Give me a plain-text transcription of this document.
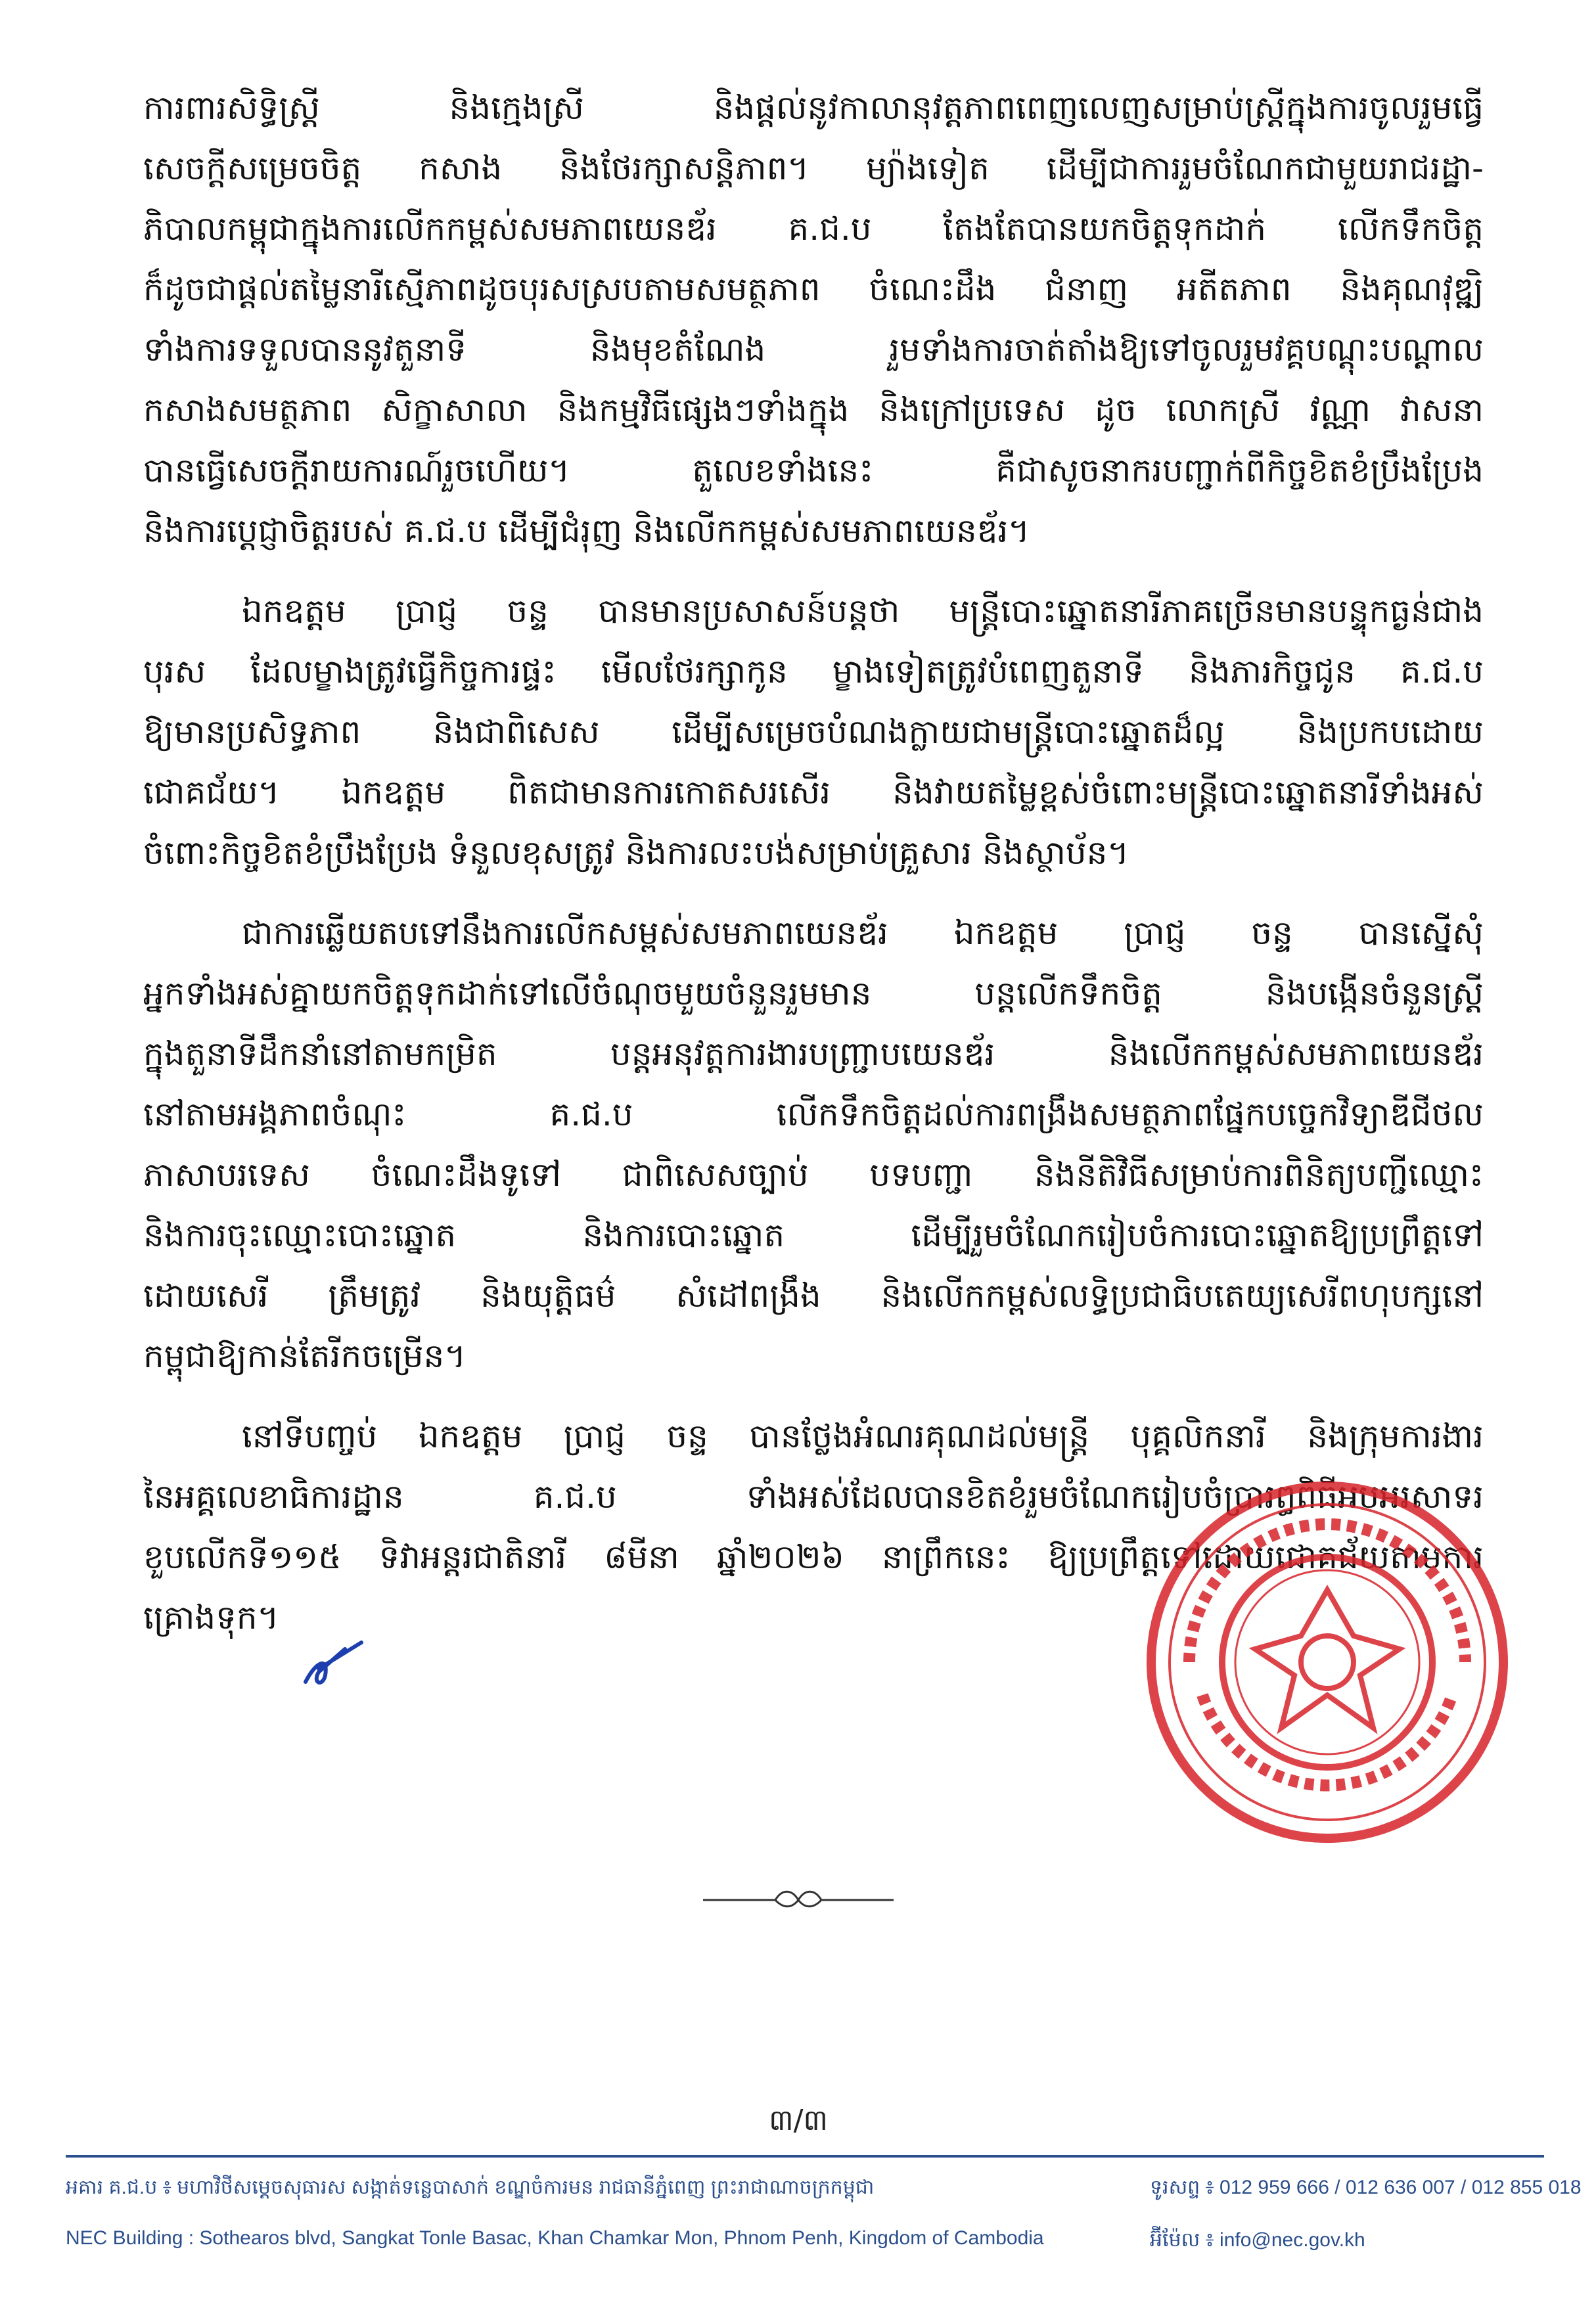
ការពារសិទ្ធិស្ត្រី និងក្មេងស្រី និងផ្តល់នូវកាលានុវត្តភាពពេញលេញសម្រាប់ស្ត្រីក្នុងការចូលរួមធ្វើ
សេចក្តីសម្រេចចិត្ត កសាង និងថែរក្សាសន្តិភាព។ ម្យ៉ាងទៀត ដើម្បីជាការរួមចំណែកជាមួយរាជរដ្ឋា-
ភិបាលកម្ពុជាក្នុងការលើកកម្ពស់សមភាពយេនឌ័រ គ.ជ.ប តែងតែបានយកចិត្តទុកដាក់ លើកទឹកចិត្ត
ក៏ដូចជាផ្តល់តម្លៃនារីស្មើភាពដូចបុរសស្របតាមសមត្ថភាព ចំណេះដឹង ជំនាញ អតីតភាព និងគុណវុឌ្ឍិ
ទាំងការទទួលបាននូវតួនាទី និងមុខតំណែង រួមទាំងការចាត់តាំងឱ្យទៅចូលរួមវគ្គបណ្តុះបណ្តាល
កសាងសមត្ថភាព សិក្ខាសាលា និងកម្មវិធីផ្សេងៗទាំងក្នុង និងក្រៅប្រទេស ដូច លោកស្រី វណ្ណា វាសនា
បានធ្វើសេចក្តីរាយការណ៍រួចហើយ។ តួលេខទាំងនេះ គឺជាសូចនាករបញ្ជាក់ពីកិច្ចខិតខំប្រឹងប្រែង
និងការប្តេជ្ញាចិត្តរបស់ គ.ជ.ប ដើម្បីជំរុញ និងលើកកម្ពស់សមភាពយេនឌ័រ។
ឯកឧត្តម ប្រាជ្ញ ចន្ទ បានមានប្រសាសន៍បន្តថា មន្ត្រីបោះឆ្នោតនារីភាគច្រើនមានបន្ទុកធ្ងន់ជាង
បុរស ដែលម្ខាងត្រូវធ្វើកិច្ចការផ្ទះ មើលថែរក្សាកូន ម្ខាងទៀតត្រូវបំពេញតួនាទី និងភារកិច្ចជូន គ.ជ.ប
ឱ្យមានប្រសិទ្ធភាព និងជាពិសេស ដើម្បីសម្រេចបំណងក្លាយជាមន្ត្រីបោះឆ្នោតដ៏ល្អ និងប្រកបដោយ
ជោគជ័យ។ ឯកឧត្តម ពិតជាមានការកោតសរសើរ និងវាយតម្លៃខ្ពស់ចំពោះមន្ត្រីបោះឆ្នោតនារីទាំងអស់
ចំពោះកិច្ចខិតខំប្រឹងប្រែង ទំនួលខុសត្រូវ និងការលះបង់សម្រាប់គ្រួសារ និងស្ថាប័ន។
ជាការឆ្លើយតបទៅនឹងការលើកសម្ពស់សមភាពយេនឌ័រ ឯកឧត្តម ប្រាជ្ញ ចន្ទ បានស្នើសុំ
អ្នកទាំងអស់គ្នាយកចិត្តទុកដាក់ទៅលើចំណុចមួយចំនួនរួមមាន បន្តលើកទឹកចិត្ត និងបង្កើនចំនួនស្ត្រី
ក្នុងតួនាទីដឹកនាំនៅតាមកម្រិត បន្តអនុវត្តការងារបញ្ជ្រាបយេនឌ័រ និងលើកកម្ពស់សមភាពយេនឌ័រ
នៅតាមអង្គភាពចំណុះ គ.ជ.ប លើកទឹកចិត្តដល់ការពង្រឹងសមត្ថភាពផ្នែកបច្ចេកវិទ្យាឌីជីថល
ភាសាបរទេស ចំណេះដឹងទូទៅ ជាពិសេសច្បាប់ បទបញ្ជា និងនីតិវិធីសម្រាប់ការពិនិត្យបញ្ជីឈ្មោះ
និងការចុះឈ្មោះបោះឆ្នោត និងការបោះឆ្នោត ដើម្បីរួមចំណែករៀបចំការបោះឆ្នោតឱ្យប្រព្រឹត្តទៅ
ដោយសេរី ត្រឹមត្រូវ និងយុត្តិធម៌ សំដៅពង្រឹង និងលើកកម្ពស់លទ្ធិប្រជាធិបតេយ្យសេរីពហុបក្សនៅ
កម្ពុជាឱ្យកាន់តែរីកចម្រើន។
នៅទីបញ្ចប់ ឯកឧត្តម ប្រាជ្ញ ចន្ទ បានថ្លែងអំណរគុណដល់មន្ត្រី បុគ្គលិកនារី និងក្រុមការងារ
នៃអគ្គលេខាធិការដ្ឋាន គ.ជ.ប ទាំងអស់ដែលបានខិតខំរួមចំណែករៀបចំប្រារព្ធពិធីអបអរសាទរ
ខួបលើកទី១១៥ ទិវាអន្តរជាតិនារី ៨មីនា ឆ្នាំ២០២៦ នាព្រឹកនេះ ឱ្យប្រព្រឹត្តទៅដោយជោគជ័យតាមការ
គ្រោងទុក។
៣/៣
អគារ គ.ជ.ប ៖ មហាវិថីសម្តេចសុធារស សង្កាត់ទន្លេបាសាក់ ខណ្ឌចំការមន រាជធានីភ្នំពេញ ព្រះរាជាណាចក្រកម្ពុជា	ទូរសព្ទ ៖ 012 959 666 / 012 636 007 / 012 855 018
NEC Building : Sothearos blvd, Sangkat Tonle Basac, Khan Chamkar Mon, Phnom Penh, Kingdom of Cambodia	អ៊ីម៉ែល ៖ info@nec.gov.kh
